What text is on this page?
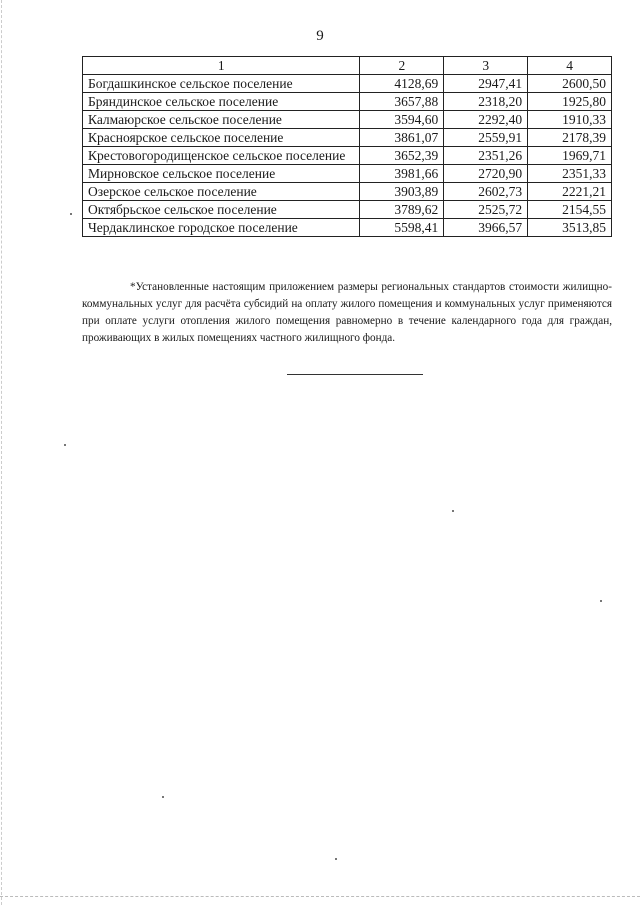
9
1	2	3	4
Богдашкинское сельское поселение	4128,69	2947,41	2600,50
Бряндинское сельское поселение	3657,88	2318,20	1925,80
Калмаюрское сельское поселение	3594,60	2292,40	1910,33
Красноярское сельское поселение	3861,07	2559,91	2178,39
Крестовогородищенское сельское поселение	3652,39	2351,26	1969,71
Мирновское сельское поселение	3981,66	2720,90	2351,33
Озерское сельское поселение	3903,89	2602,73	2221,21
Октябрьское сельское поселение	3789,62	2525,72	2154,55
Чердаклинское городское поселение	5598,41	3966,57	3513,85

*Установленные настоящим приложением размеры региональных стандартов стоимости жилищно-коммунальных услуг для расчёта субсидий на оплату жилого помещения и коммунальных услуг применяются при оплате услуги отопления жилого помещения равномерно в течение календарного года для граждан, проживающих в жилых помещениях частного жилищного фонда.
